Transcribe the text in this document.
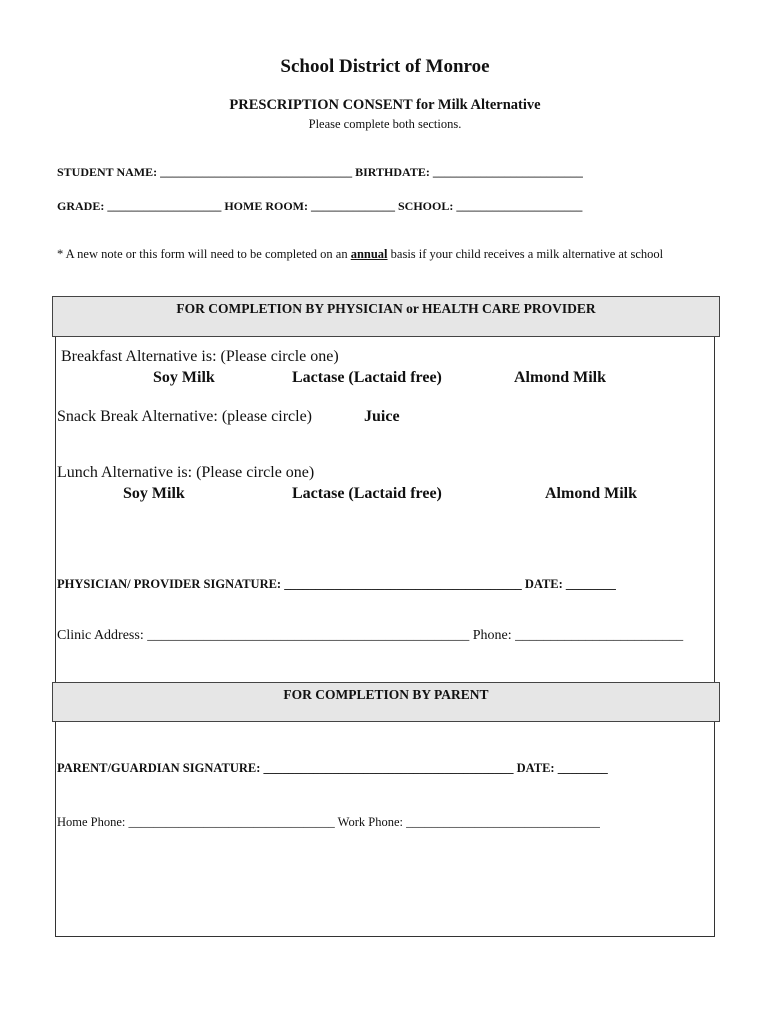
School District of Monroe
PRESCRIPTION CONSENT for Milk Alternative
Please complete both sections.
STUDENT NAME: ________________________________ BIRTHDATE: _________________________
GRADE: ___________________ HOME ROOM: ______________ SCHOOL: _____________________
* A new note or this form will need to be completed on an annual basis if your child receives a milk alternative at school
FOR COMPLETION BY PHYSICIAN or HEALTH CARE PROVIDER
Breakfast Alternative is: (Please circle one)
Soy Milk	Lactase (Lactaid free)	Almond Milk
Snack Break Alternative: (please circle)	Juice
Lunch Alternative is: (Please circle one)
Soy Milk	Lactase (Lactaid free)	Almond Milk
PHYSICIAN/ PROVIDER SIGNATURE: ______________________________________ DATE: ________
Clinic Address: ______________________________________________ Phone: ________________________
FOR COMPLETION BY PARENT
PARENT/GUARDIAN SIGNATURE: ________________________________________ DATE: ________
Home Phone: _________________________________ Work Phone: _______________________________
